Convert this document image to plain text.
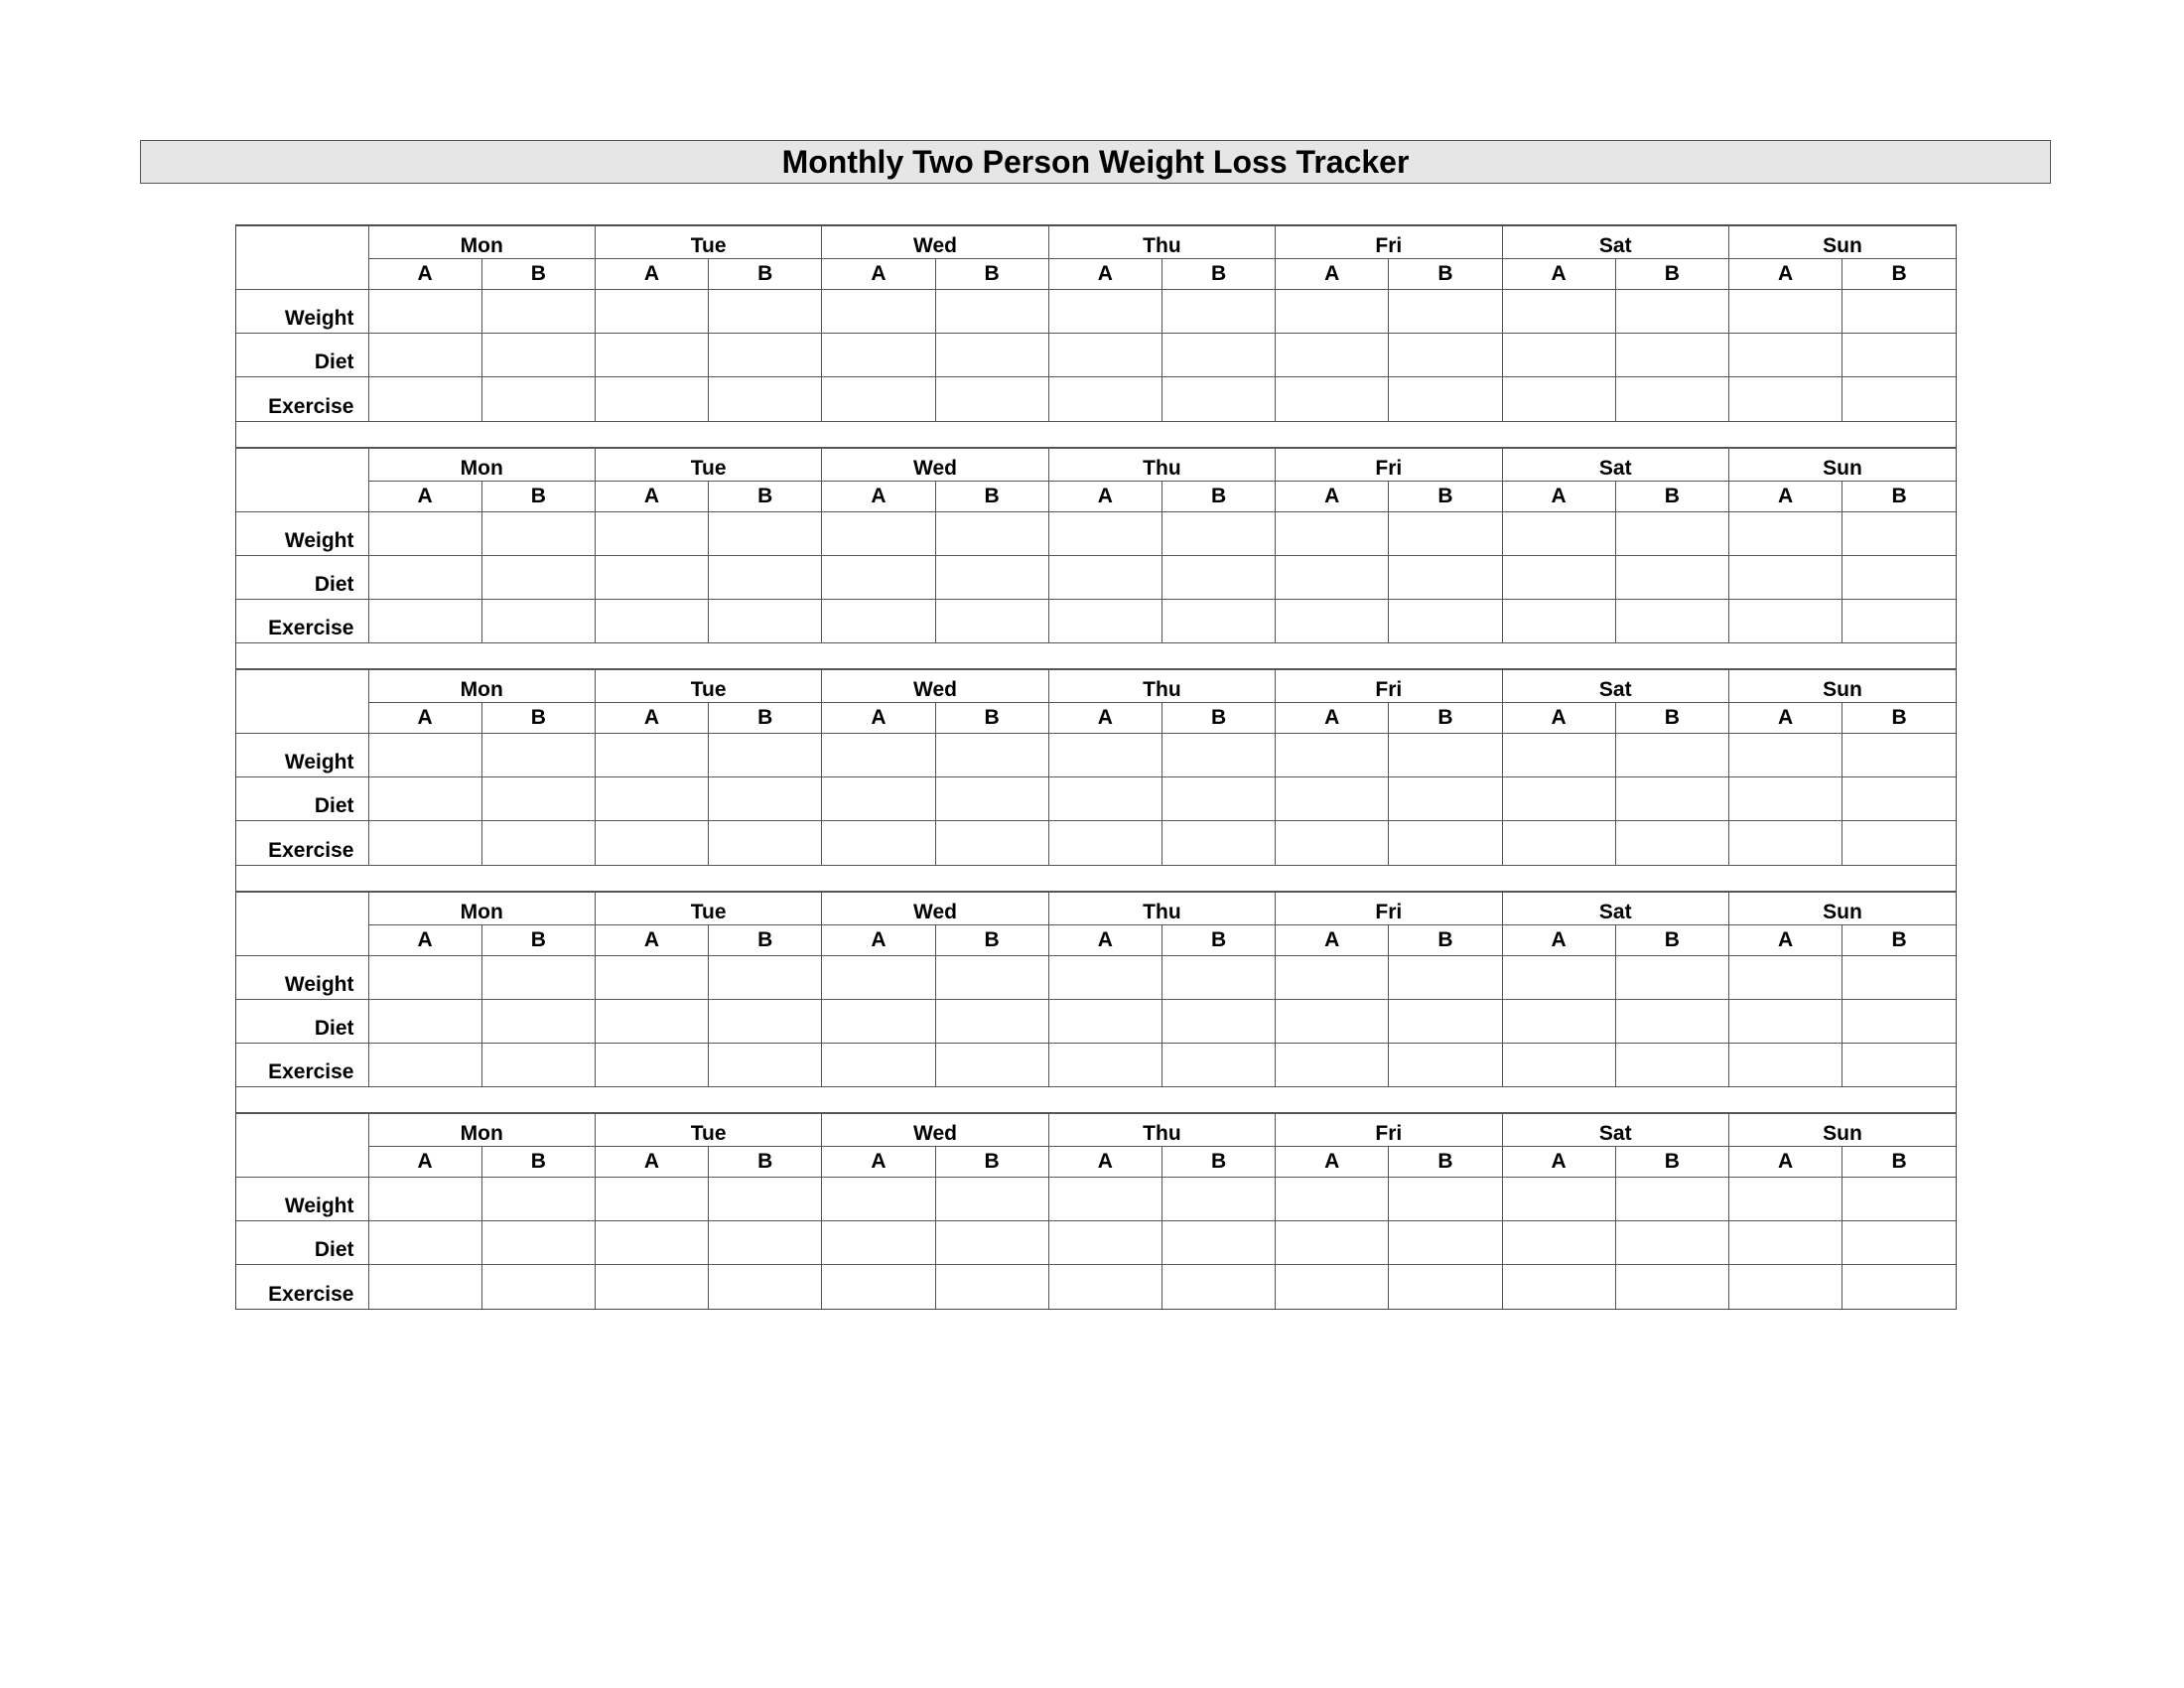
Monthly Two Person Weight Loss Tracker
	Mon		Tue		Wed		Thu		Fri		Sat		Sun	
	A	B	A	B	A	B	A	B	A	B	A	B	A	B
Weight														
Diet														
Exercise														
	Mon		Tue		Wed		Thu		Fri		Sat		Sun	
	A	B	A	B	A	B	A	B	A	B	A	B	A	B
Weight														
Diet														
Exercise														
	Mon		Tue		Wed		Thu		Fri		Sat		Sun	
	A	B	A	B	A	B	A	B	A	B	A	B	A	B
Weight														
Diet														
Exercise														
	Mon		Tue		Wed		Thu		Fri		Sat		Sun	
	A	B	A	B	A	B	A	B	A	B	A	B	A	B
Weight														
Diet														
Exercise														
	Mon		Tue		Wed		Thu		Fri		Sat		Sun	
	A	B	A	B	A	B	A	B	A	B	A	B	A	B
Weight														
Diet														
Exercise														
